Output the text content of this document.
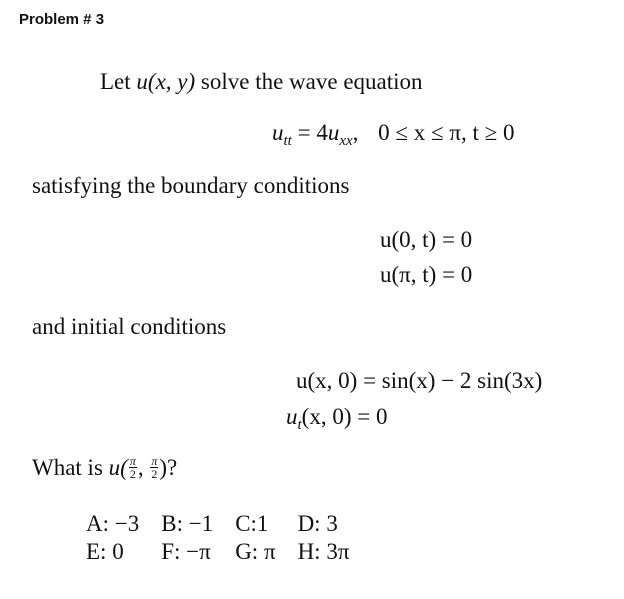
Problem # 3
Let u(x, y) solve the wave equation
$u_{tt} = 4u_{xx}$, 0 ≤ x ≤ π, t ≥ 0
satisfying the boundary conditions
u(0, t) = 0
u(π, t) = 0
and initial conditions
u(x, 0) = sin(x) − 2 sin(3x)
$u_t(x$, 0) = 0
What is $u( \frac{\pi}{2}$ , $\frac{\pi}{2}$ )?
A: −3	B: −1	C:1	D: 3
E: 0	F: −π	G: π	H: 3π
